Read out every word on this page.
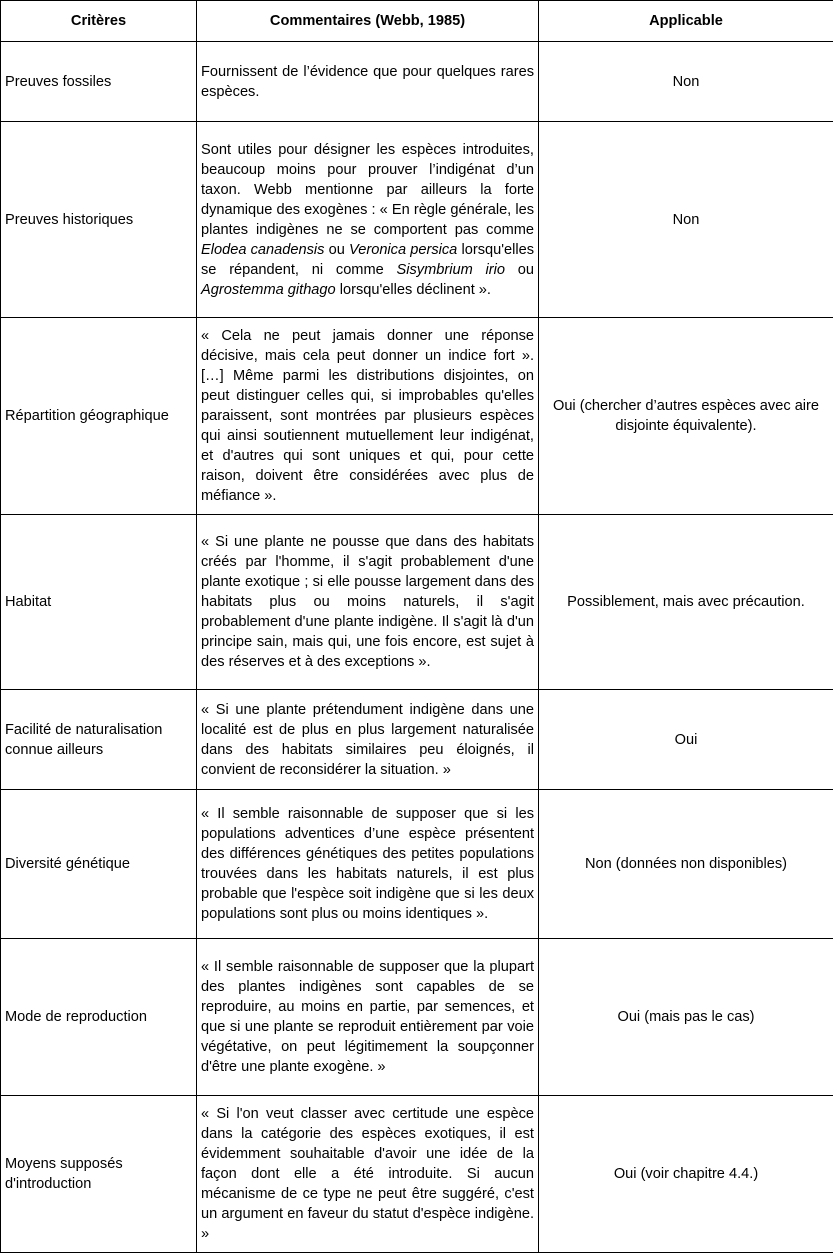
Critères	Commentaires (Webb, 1985)	Applicable
Preuves fossiles	Fournissent de l’évidence que pour quelques rares espèces.	Non
Preuves historiques	Sont utiles pour désigner les espèces introduites, beaucoup moins pour prouver l’indigénat d’un taxon. Webb mentionne par ailleurs la forte dynamique des exogènes : « En règle générale, les plantes indigènes ne se comportent pas comme Elodea canadensis ou Veronica persica lorsqu'elles se répandent, ni comme Sisymbrium irio ou Agrostemma githago lorsqu'elles déclinent ».	Non
Répartition géographique	« Cela ne peut jamais donner une réponse décisive, mais cela peut donner un indice fort ». […] Même parmi les distributions disjointes, on peut distinguer celles qui, si improbables qu'elles paraissent, sont montrées par plusieurs espèces qui ainsi soutiennent mutuellement leur indigénat, et d'autres qui sont uniques et qui, pour cette raison, doivent être considérées avec plus de méfiance ».	Oui (chercher d’autres espèces avec aire disjointe équivalente).
Habitat	« Si une plante ne pousse que dans des habitats créés par l'homme, il s'agit probablement d'une plante exotique ; si elle pousse largement dans des habitats plus ou moins naturels, il s'agit probablement d'une plante indigène. Il s'agit là d'un principe sain, mais qui, une fois encore, est sujet à des réserves et à des exceptions ».	Possiblement, mais avec précaution.
Facilité de naturalisation connue ailleurs	« Si une plante prétendument indigène dans une localité est de plus en plus largement naturalisée dans des habitats similaires peu éloignés, il convient de reconsidérer la situation. »	Oui
Diversité génétique	« Il semble raisonnable de supposer que si les populations adventices d’une espèce présentent des différences génétiques des petites populations trouvées dans les habitats naturels, il est plus probable que l'espèce soit indigène que si les deux populations sont plus ou moins identiques ».	Non (données non disponibles)
Mode de reproduction	« Il semble raisonnable de supposer que la plupart des plantes indigènes sont capables de se reproduire, au moins en partie, par semences, et que si une plante se reproduit entièrement par voie végétative, on peut légitimement la soupçonner d'être une plante exogène. »	Oui (mais pas le cas)
Moyens supposés d'introduction	« Si l'on veut classer avec certitude une espèce dans la catégorie des espèces exotiques, il est évidemment souhaitable d'avoir une idée de la façon dont elle a été introduite. Si aucun mécanisme de ce type ne peut être suggéré, c'est un argument en faveur du statut d'espèce indigène. »	Oui (voir chapitre 4.4.)
